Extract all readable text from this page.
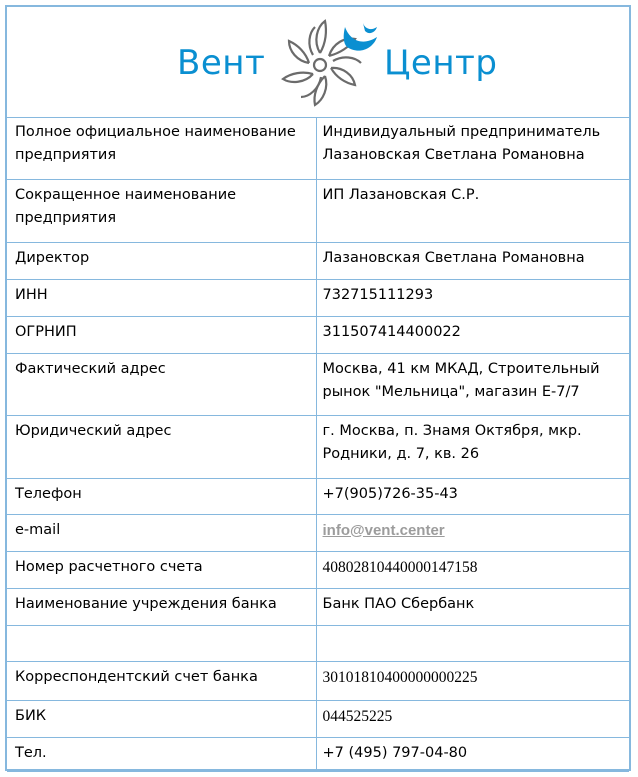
Вент	Центр
Полное официальное наименование предприятия	Индивидуальный предприниматель Лазановская Светлана Романовна
Сокращенное наименование предприятия	ИП Лазановская С.Р.
Директор	Лазановская Светлана Романовна
ИНН	732715111293
ОГРНИП	311507414400022
Фактический адрес	Москва, 41 км МКАД, Строительный рынок "Мельница", магазин Е-7/7
Юридический адрес	г. Москва, п. Знамя Октября, мкр. Родники, д. 7, кв. 26
Телефон	+7(905)726-35-43
e-mail	info@vent.center
Номер расчетного счета	40802810440000147158
Наименование учреждения банка	Банк ПАО Сбербанк

Корреспондентский счет банка	30101810400000000225
БИК	044525225
Тел.	+7 (495) 797-04-80
